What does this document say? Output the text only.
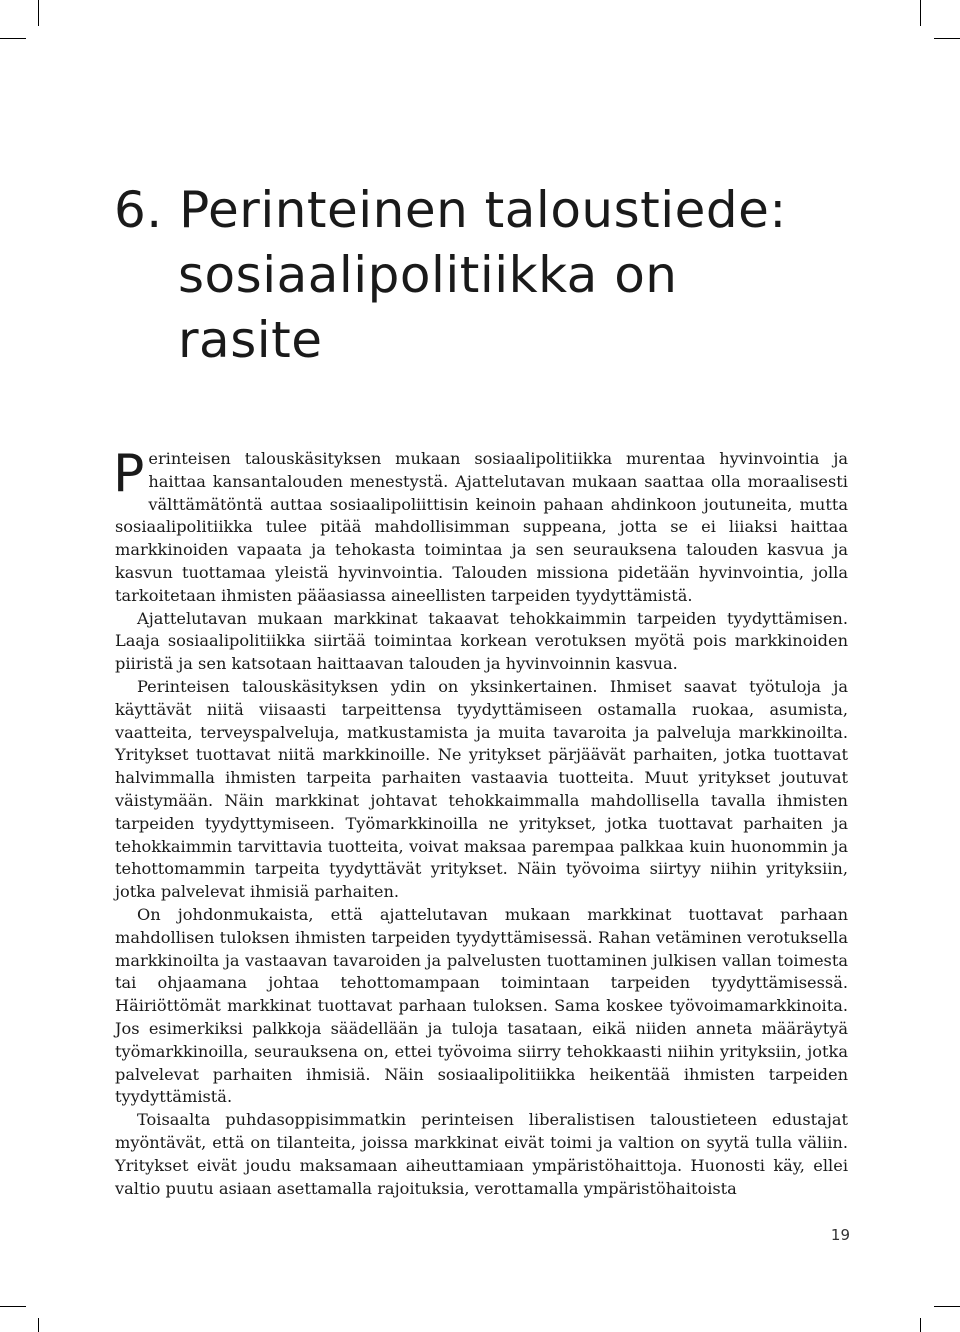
6. Perinteinen taloustiede:
sosiaalipolitiikka on
rasite

Perinteisen talouskäsityksen mukaan sosiaalipolitiikka murentaa hyvinvointia ja haittaa kansantalouden menestystä. Ajattelutavan mukaan saattaa olla moraalisesti välttämätöntä auttaa sosiaalipoliittisin keinoin pahaan ahdinkoon joutuneita, mutta sosiaalipolitiikka tulee pitää mahdollisimman suppeana, jotta se ei liiaksi haittaa markkinoiden vapaata ja tehokasta toimintaa ja sen seurauksena talouden kasvua ja kasvun tuottamaa yleistä hyvinvointia. Talouden missiona pidetään hyvinvointia, jolla tarkoitetaan ihmisten pääasiassa aineellisten tarpeiden tyydyttämistä.

Ajattelutavan mukaan markkinat takaavat tehokkaimmin tarpeiden tyydyttämisen. Laaja sosiaalipolitiikka siirtää toimintaa korkean verotuksen myötä pois markkinoiden piiristä ja sen katsotaan haittaavan talouden ja hyvinvoinnin kasvua.

Perinteisen talouskäsityksen ydin on yksinkertainen. Ihmiset saavat työtuloja ja käyttävät niitä viisaasti tarpeittensa tyydyttämiseen ostamalla ruokaa, asumista, vaatteita, terveyspalveluja, matkustamista ja muita tavaroita ja palveluja markkinoilta. Yritykset tuottavat niitä markkinoille. Ne yritykset pärjäävät parhaiten, jotka tuottavat halvimmalla ihmisten tarpeita parhaiten vastaavia tuotteita. Muut yritykset joutuvat väistymään. Näin markkinat johtavat tehokkaimmalla mahdollisella tavalla ihmisten tarpeiden tyydyttymiseen. Työmarkkinoilla ne yritykset, jotka tuottavat parhaiten ja tehokkaimmin tarvittavia tuotteita, voivat maksaa parempaa palkkaa kuin huonommin ja tehottomammin tarpeita tyydyttävät yritykset. Näin työvoima siirtyy niihin yrityksiin, jotka palvelevat ihmisiä parhaiten.

On johdonmukaista, että ajattelutavan mukaan markkinat tuottavat parhaan mahdollisen tuloksen ihmisten tarpeiden tyydyttämisessä. Rahan vetäminen verotuksella markkinoilta ja vastaavan tavaroiden ja palvelusten tuottaminen julkisen vallan toimesta tai ohjaamana johtaa tehottomampaan toimintaan tarpeiden tyydyttämisessä. Häiriöttömät markkinat tuottavat parhaan tuloksen. Sama koskee työvoimamarkkinoita. Jos esimerkiksi palkkoja säädellään ja tuloja tasataan, eikä niiden anneta määräytyä työmarkkinoilla, seurauksena on, ettei työvoima siirry tehokkaasti niihin yrityksiin, jotka palvelevat parhaiten ihmisiä. Näin sosiaalipolitiikka heikentää ihmisten tarpeiden tyydyttämistä.

Toisaalta puhdasoppisimmatkin perinteisen liberalistisen taloustieteen edustajat myöntävät, että on tilanteita, joissa markkinat eivät toimi ja valtion on syytä tulla väliin. Yritykset eivät joudu maksamaan aiheuttamiaan ympäristöhaittoja. Huonosti käy, ellei valtio puutu asiaan asettamalla rajoituksia, verottamalla ympäristöhaitoista

19
